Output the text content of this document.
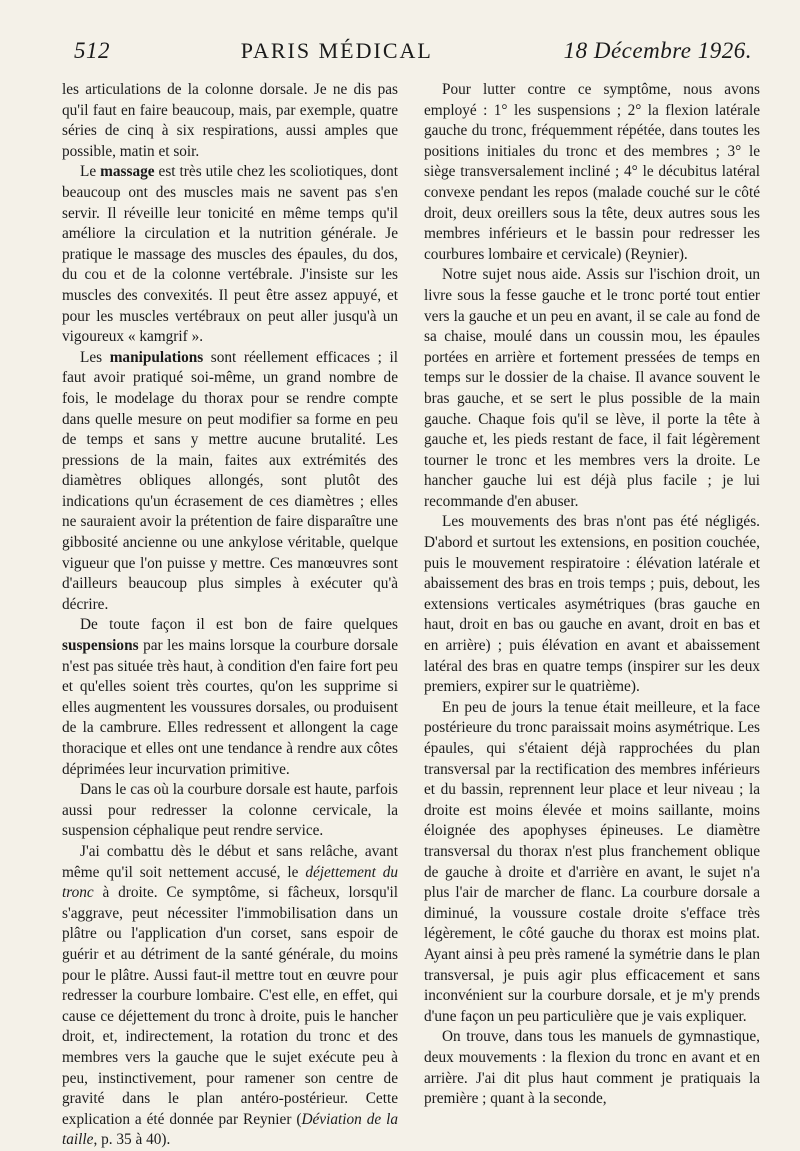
512	PARIS MÉDICAL	18 Décembre 1926.

les articulations de la colonne dorsale. Je ne dis pas qu'il faut en faire beaucoup, mais, par exemple, quatre séries de cinq à six respirations, aussi amples que possible, matin et soir.

Le massage est très utile chez les scoliotiques, dont beaucoup ont des muscles mais ne savent pas s'en servir. Il réveille leur tonicité en même temps qu'il améliore la circulation et la nutrition générale. Je pratique le massage des muscles des épaules, du dos, du cou et de la colonne vertébrale. J'insiste sur les muscles des convexités. Il peut être assez appuyé, et pour les muscles vertébraux on peut aller jusqu'à un vigoureux « kamgrif ».

Les manipulations sont réellement efficaces ; il faut avoir pratiqué soi-même, un grand nombre de fois, le modelage du thorax pour se rendre compte dans quelle mesure on peut modifier sa forme en peu de temps et sans y mettre aucune brutalité. Les pressions de la main, faites aux extrémités des diamètres obliques allongés, sont plutôt des indications qu'un écrasement de ces diamètres ; elles ne sauraient avoir la prétention de faire disparaître une gibbosité ancienne ou une ankylose véritable, quelque vigueur que l'on puisse y mettre. Ces manœuvres sont d'ailleurs beaucoup plus simples à exécuter qu'à décrire.

De toute façon il est bon de faire quelques suspensions par les mains lorsque la courbure dorsale n'est pas située très haut, à condition d'en faire fort peu et qu'elles soient très courtes, qu'on les supprime si elles augmentent les voussures dorsales, ou produisent de la cambrure. Elles redressent et allongent la cage thoracique et elles ont une tendance à rendre aux côtes déprimées leur incurvation primitive.

Dans le cas où la courbure dorsale est haute, parfois aussi pour redresser la colonne cervicale, la suspension céphalique peut rendre service.

J'ai combattu dès le début et sans relâche, avant même qu'il soit nettement accusé, le déjettement du tronc à droite. Ce symptôme, si fâcheux, lorsqu'il s'aggrave, peut nécessiter l'immobilisation dans un plâtre ou l'application d'un corset, sans espoir de guérir et au détriment de la santé générale, du moins pour le plâtre. Aussi faut-il mettre tout en œuvre pour redresser la courbure lombaire. C'est elle, en effet, qui cause ce déjettement du tronc à droite, puis le hancher droit, et, indirectement, la rotation du tronc et des membres vers la gauche que le sujet exécute peu à peu, instinctivement, pour ramener son centre de gravité dans le plan antéro-postérieur. Cette explication a été donnée par Reynier (Déviation de la taille, p. 35 à 40).

Pour lutter contre ce symptôme, nous avons employé : 1° les suspensions ; 2° la flexion latérale gauche du tronc, fréquemment répétée, dans toutes les positions initiales du tronc et des membres ; 3° le siège transversalement incliné ; 4° le décubitus latéral convexe pendant les repos (malade couché sur le côté droit, deux oreillers sous la tête, deux autres sous les membres inférieurs et le bassin pour redresser les courbures lombaire et cervicale) (Reynier).

Notre sujet nous aide. Assis sur l'ischion droit, un livre sous la fesse gauche et le tronc porté tout entier vers la gauche et un peu en avant, il se cale au fond de sa chaise, moulé dans un coussin mou, les épaules portées en arrière et fortement pressées de temps en temps sur le dossier de la chaise. Il avance souvent le bras gauche, et se sert le plus possible de la main gauche. Chaque fois qu'il se lève, il porte la tête à gauche et, les pieds restant de face, il fait légèrement tourner le tronc et les membres vers la droite. Le hancher gauche lui est déjà plus facile ; je lui recommande d'en abuser.

Les mouvements des bras n'ont pas été négligés. D'abord et surtout les extensions, en position couchée, puis le mouvement respiratoire : élévation latérale et abaissement des bras en trois temps ; puis, debout, les extensions verticales asymétriques (bras gauche en haut, droit en bas ou gauche en avant, droit en bas et en arrière) ; puis élévation en avant et abaissement latéral des bras en quatre temps (inspirer sur les deux premiers, expirer sur le quatrième).

En peu de jours la tenue était meilleure, et la face postérieure du tronc paraissait moins asymétrique. Les épaules, qui s'étaient déjà rapprochées du plan transversal par la rectification des membres inférieurs et du bassin, reprennent leur place et leur niveau ; la droite est moins élevée et moins saillante, moins éloignée des apophyses épineuses. Le diamètre transversal du thorax n'est plus franchement oblique de gauche à droite et d'arrière en avant, le sujet n'a plus l'air de marcher de flanc. La courbure dorsale a diminué, la voussure costale droite s'efface très légèrement, le côté gauche du thorax est moins plat. Ayant ainsi à peu près ramené la symétrie dans le plan transversal, je puis agir plus efficacement et sans inconvénient sur la courbure dorsale, et je m'y prends d'une façon un peu particulière que je vais expliquer.

On trouve, dans tous les manuels de gymnastique, deux mouvements : la flexion du tronc en avant et en arrière. J'ai dit plus haut comment je pratiquais la première ; quant à la seconde,
